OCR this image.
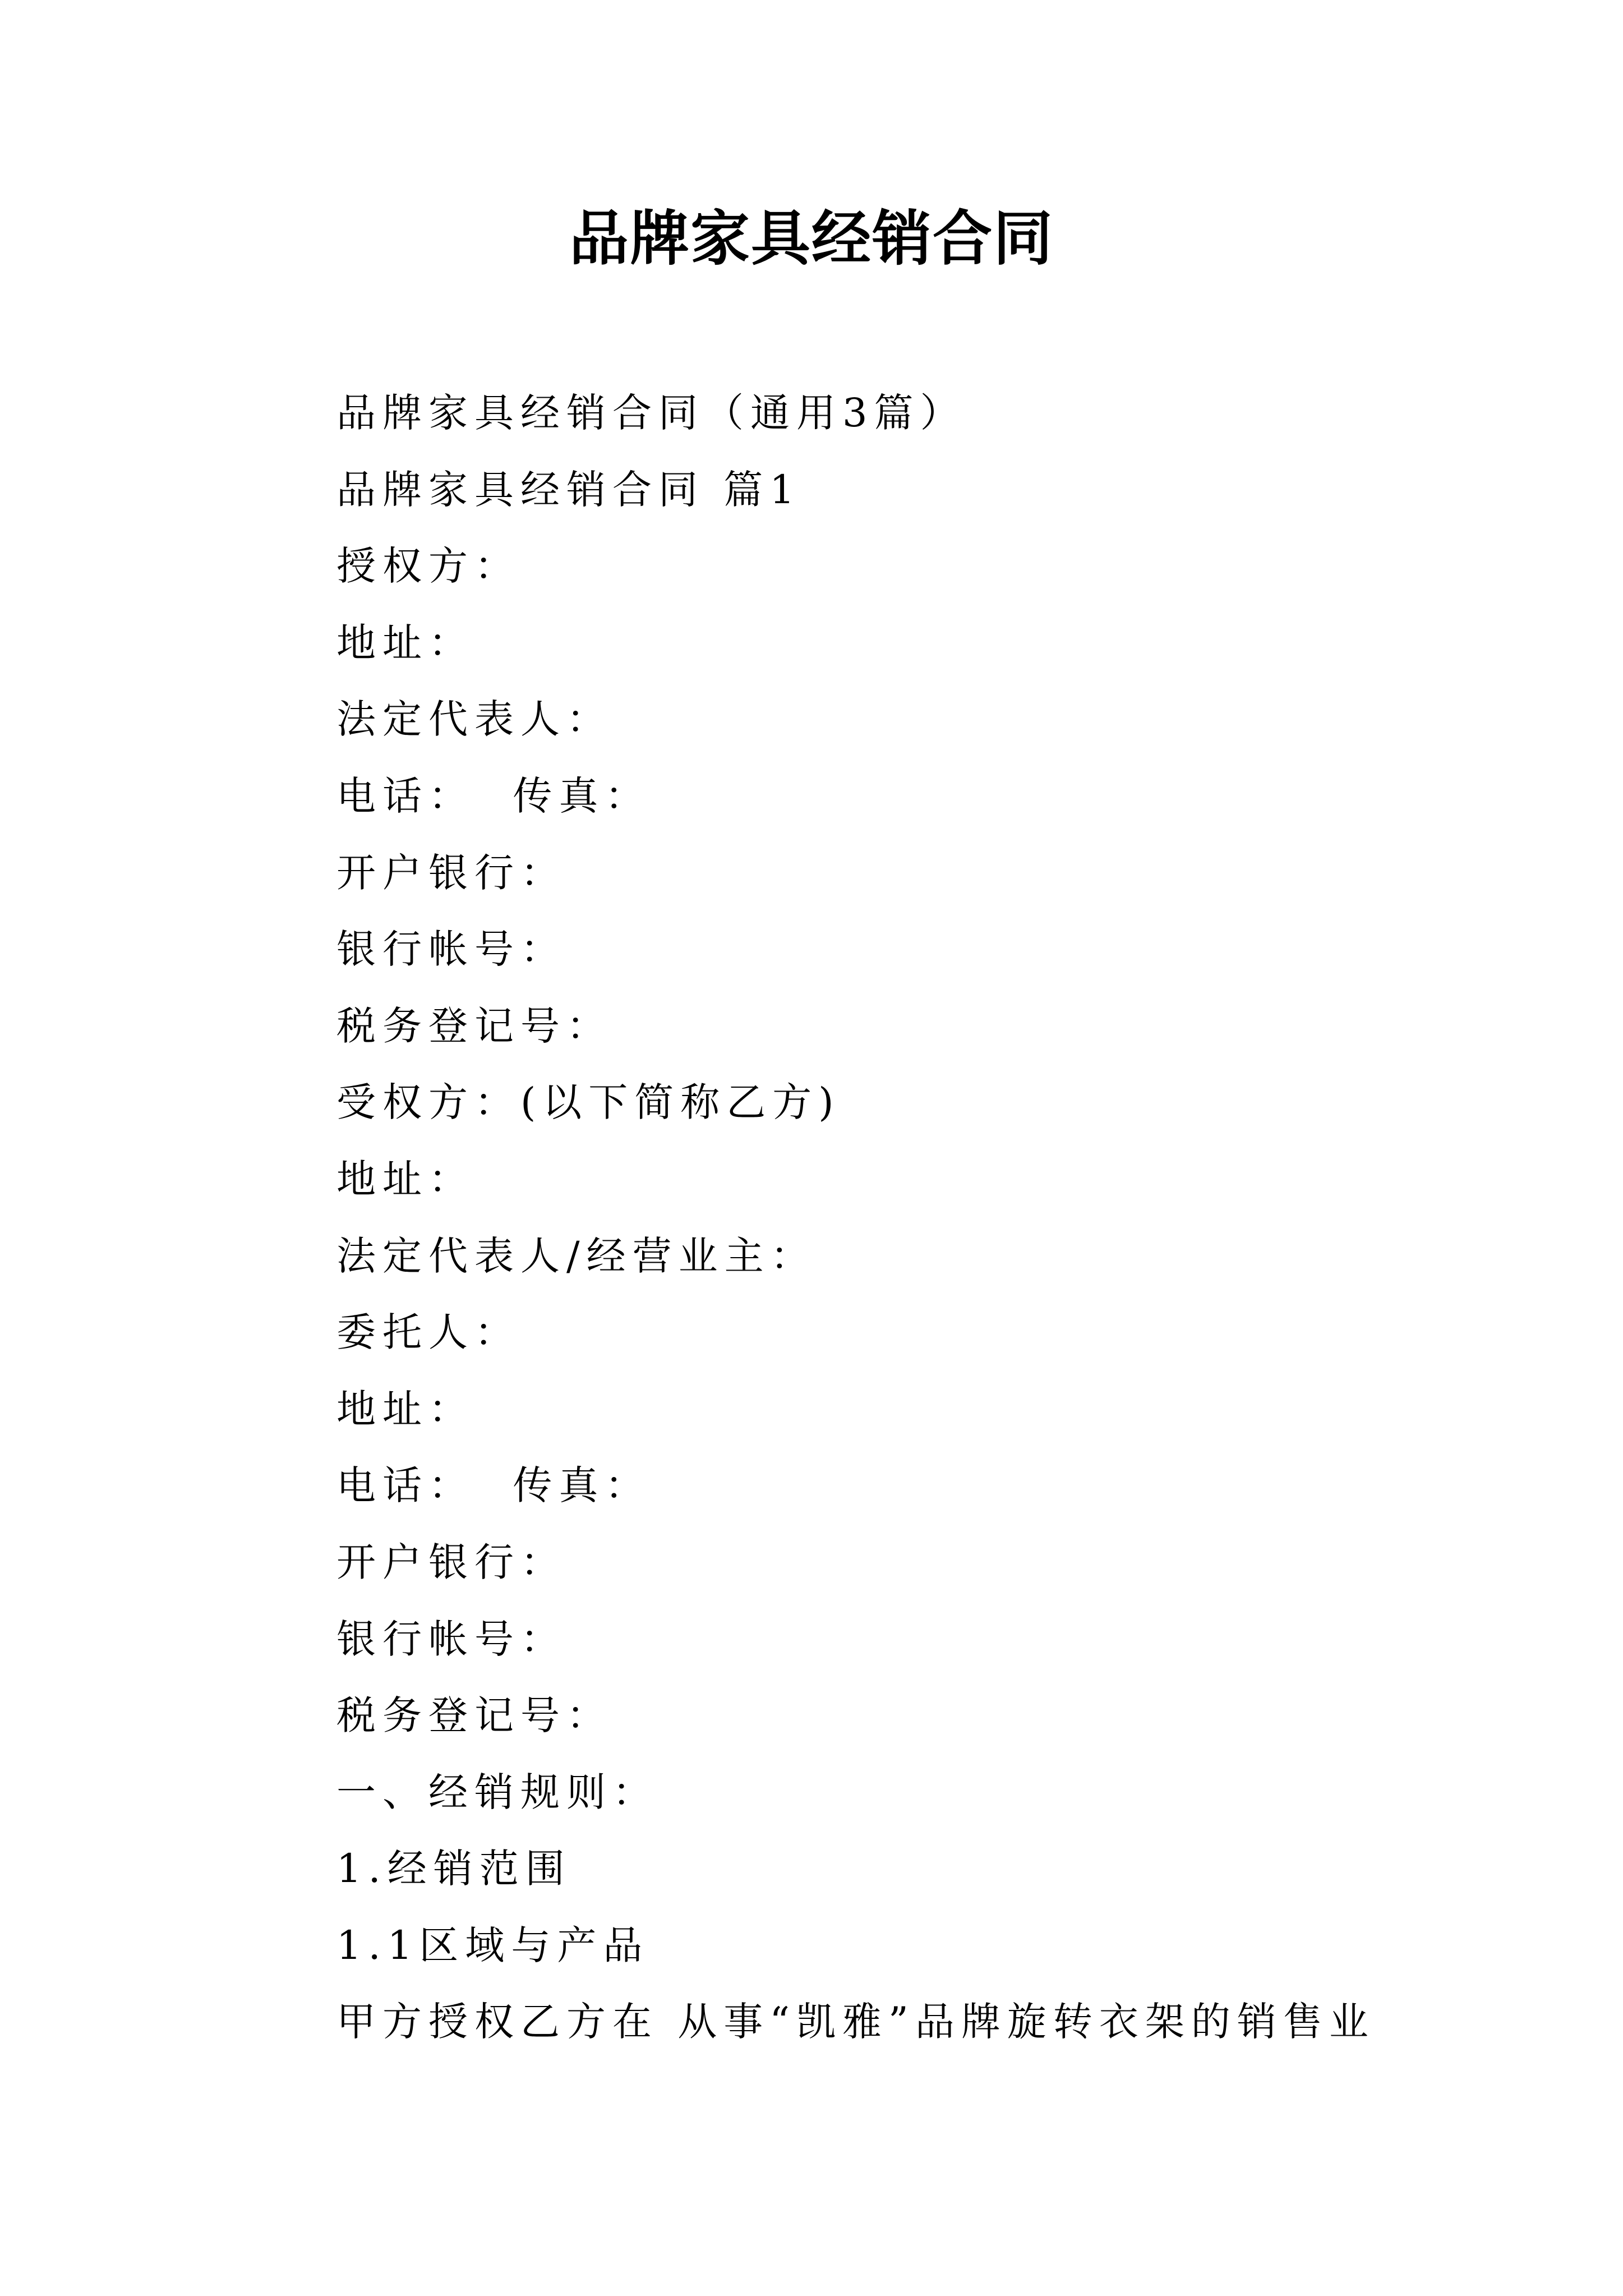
品牌家具经销合同
品牌家具经销合同（通用3篇）
品牌家具经销合同 篇1
授权方：
地址：
法定代表人：
电话：  传真：
开户银行：
银行帐号：
税务登记号：
受权方：(以下简称乙方)
地址：
法定代表人/经营业主：
委托人：
地址：
电话：  传真：
开户银行：
银行帐号：
税务登记号：
一、经销规则：
1.经销范围
1.1区域与产品
甲方授权乙方在 从事“凯雅”品牌旋转衣架的销售业
